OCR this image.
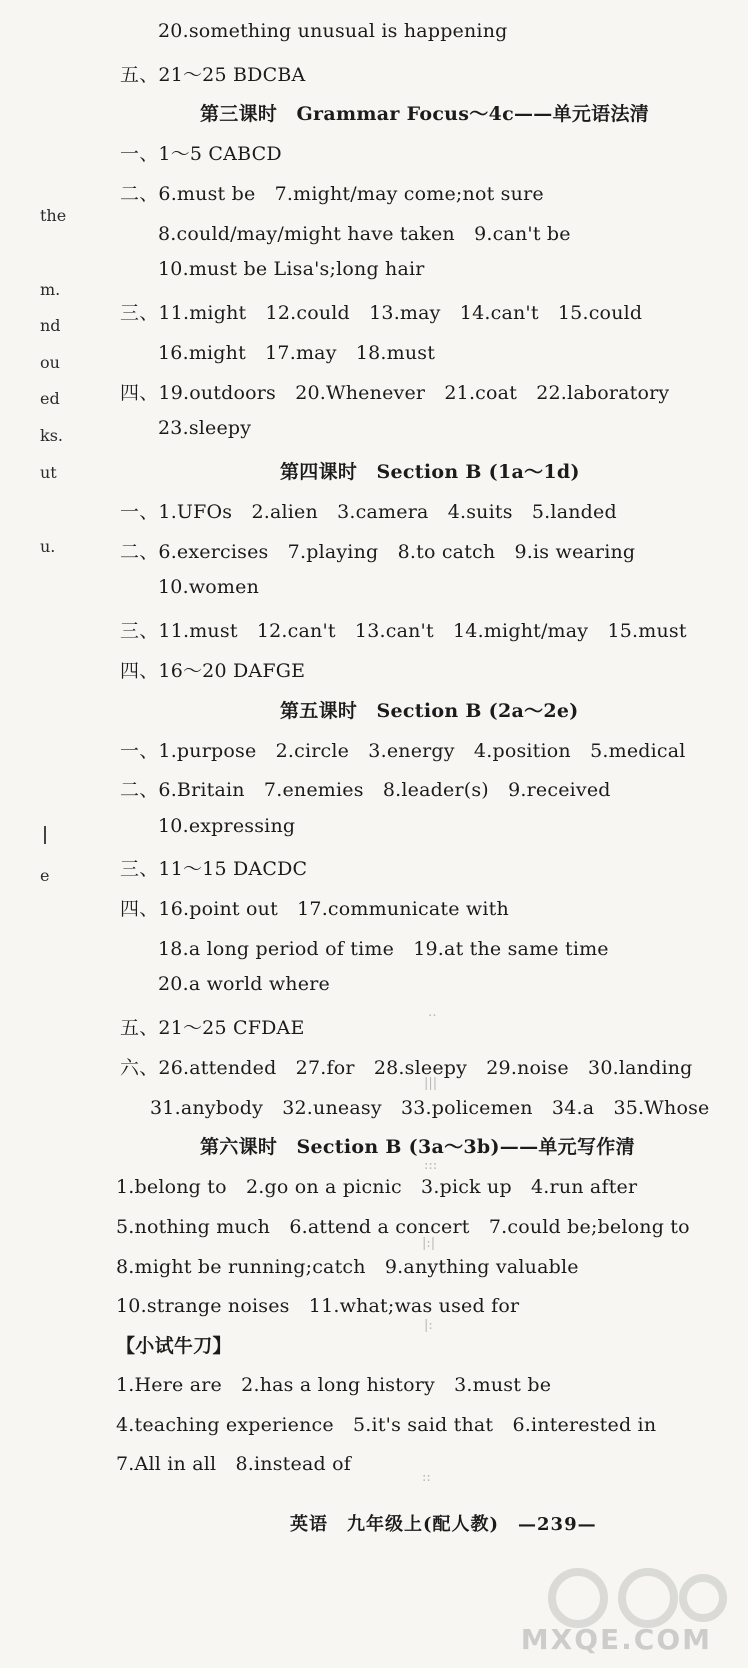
20.something unusual is happening
五、21～25 BDCBA
第三课时　Grammar Focus～4c——单元语法清
一、1～5 CABCD
二、6.must be　7.might/may come;not sure
8.could/may/might have taken　9.can't be
10.must be Lisa's;long hair
三、11.might　12.could　13.may　14.can't　15.could
16.might　17.may　18.must
四、19.outdoors　20.Whenever　21.coat　22.laboratory
23.sleepy
第四课时　Section B (1a～1d)
一、1.UFOs　2.alien　3.camera　4.suits　5.landed
二、6.exercises　7.playing　8.to catch　9.is wearing
10.women
三、11.must　12.can't　13.can't　14.might/may　15.must
四、16～20 DAFGE
第五课时　Section B (2a～2e)
一、1.purpose　2.circle　3.energy　4.position　5.medical
二、6.Britain　7.enemies　8.leader(s)　9.received
10.expressing
三、11～15 DACDC
四、16.point out　17.communicate with
18.a long period of time　19.at the same time
20.a world where
五、21～25 CFDAE
六、26.attended　27.for　28.sleepy　29.noise　30.landing
31.anybody　32.uneasy　33.policemen　34.a　35.Whose
第六课时　Section B (3a～3b)——单元写作清
1.belong to　2.go on a picnic　3.pick up　4.run after
5.nothing much　6.attend a concert　7.could be;belong to
8.might be running;catch　9.anything valuable
10.strange noises　11.what;was used for
【小试牛刀】
1.Here are　2.has a long history　3.must be
4.teaching experience　5.it's said that　6.interested in
7.All in all　8.instead of
the
m.
nd
ou
ed
ks.
ut
u.
e
‥
|||
:::
|:|
|:
::
英语　九年级上(配人教)　—239—
MXQE.COM
